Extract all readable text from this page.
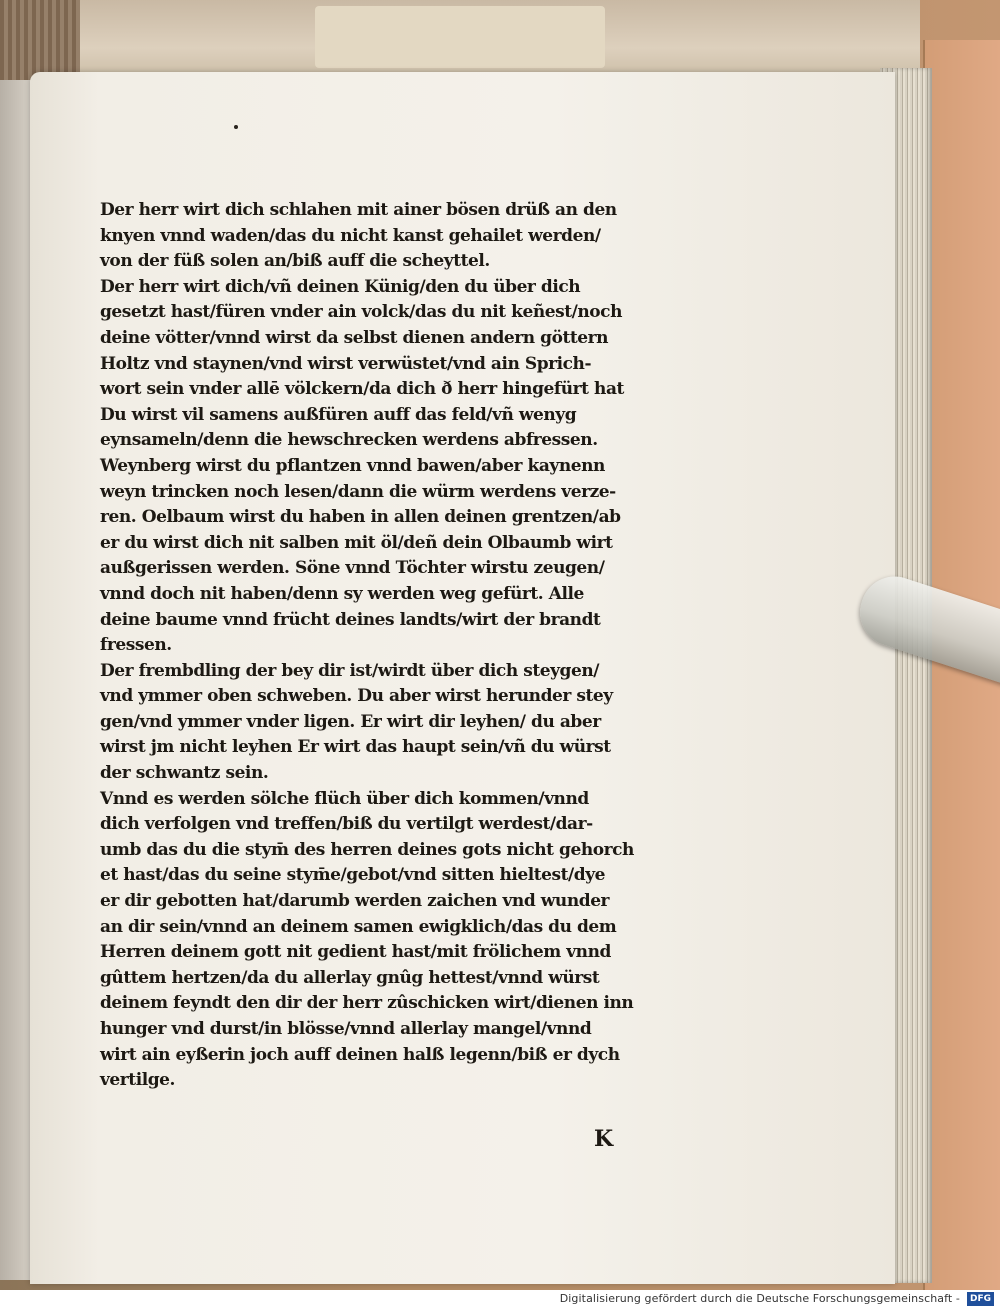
Der herr wirt dich schlahen mit ainer bösen drüß an den
knyen vnnd waden/das du nicht kanst gehailet werden/
von der füß solen an/biß auff die scheyttel.
Der herr wirt dich/vñ deinen Künig/den du über dich
gesetzt hast/füren vnder ain volck/das du nit keñest/noch
deine vötter/vnnd wirst da selbst dienen andern göttern
Holtz vnd staynen/vnd wirst verwüstet/vnd ain Sprich-
wort sein vnder allē völckern/da dich ð herr hingefürt hat
Du wirst vil samens außfüren auff das feld/vñ wenyg
eynsameln/denn die hewschrecken werdens abfressen.
Weynberg wirst du pflantzen vnnd bawen/aber kaynenn
weyn trincken noch lesen/dann die würm werdens verze-
ren. Oelbaum wirst du haben in allen deinen grentzen/ab
er du wirst dich nit salben mit öl/deñ dein Olbaumb wirt
außgerissen werden. Söne vnnd Töchter wirstu zeugen/
vnnd doch nit haben/denn sy werden weg gefürt. Alle
deine baume vnnd frücht deines landts/wirt der brandt
fressen.
Der frembdling der bey dir ist/wirdt über dich steygen/
vnd ymmer oben schweben. Du aber wirst herunder stey
gen/vnd ymmer vnder ligen. Er wirt dir leyhen/ du aber
wirst jm nicht leyhen Er wirt das haupt sein/vñ du würst
der schwantz sein.
Vnnd es werden sölche flüch über dich kommen/vnnd
dich verfolgen vnd treffen/biß du vertilgt werdest/dar-
umb das du die stym̄ des herren deines gots nicht gehorch
et hast/das du seine stym̄e/gebot/vnd sitten hieltest/dye
er dir gebotten hat/darumb werden zaichen vnd wunder
an dir sein/vnnd an deinem samen ewigklich/das du dem
Herren deinem gott nit gedient hast/mit frölichem vnnd
gûttem hertzen/da du allerlay gnûg hettest/vnnd würst
deinem feyndt den dir der herr zûschicken wirt/dienen inn
hunger vnd durst/in blösse/vnnd allerlay mangel/vnnd
wirt ain eyßerin joch auff deinen halß legenn/biß er dych
vertilge.
K
Digitalisierung gefördert durch die Deutsche Forschungsgemeinschaft -	DFG
